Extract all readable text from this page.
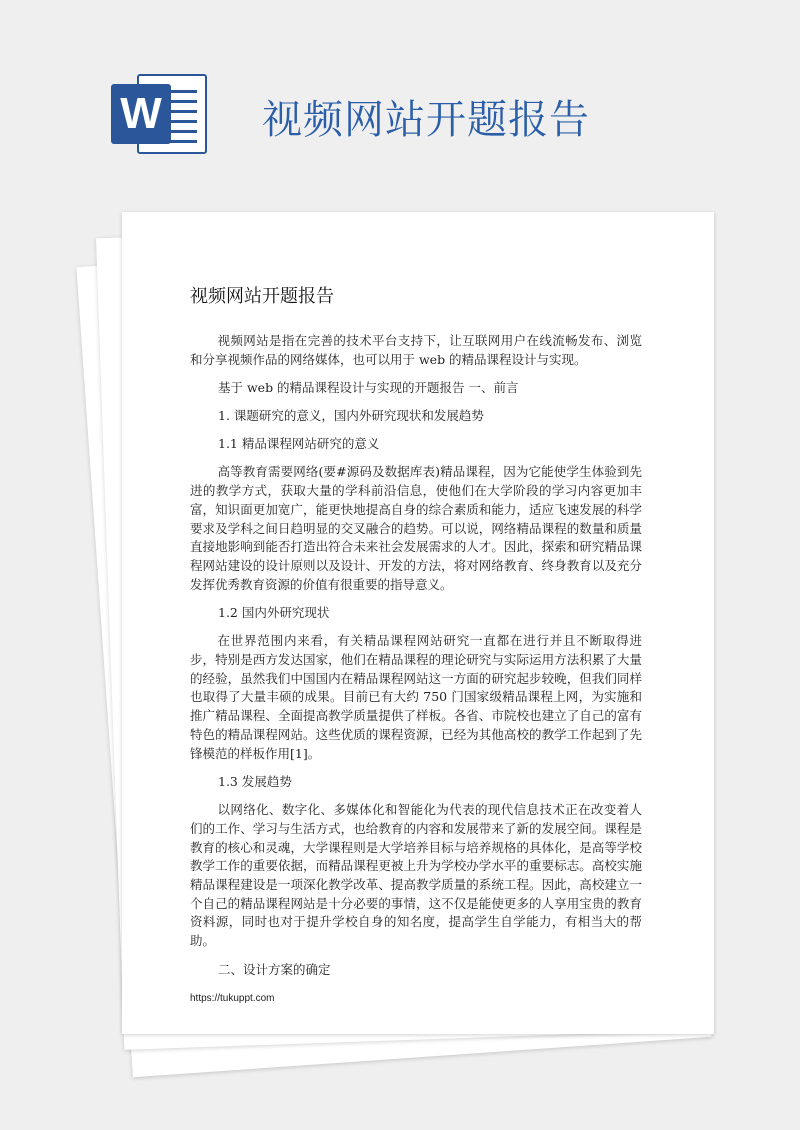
W	视频网站开题报告
视频网站开题报告

视频网站是指在完善的技术平台支持下，让互联网用户在线流畅发布、浏览和分享视频作品的网络媒体，也可以用于 web 的精品课程设计与实现。

基于 web 的精品课程设计与实现的开题报告 一、前言

1. 课题研究的意义，国内外研究现状和发展趋势

1.1 精品课程网站研究的意义

高等教育需要网络(要#源码及数据库表)精品课程，因为它能使学生体验到先进的教学方式，获取大量的学科前沿信息，使他们在大学阶段的学习内容更加丰富，知识面更加宽广，能更快地提高自身的综合素质和能力，适应飞速发展的科学要求及学科之间日趋明显的交叉融合的趋势。可以说，网络精品课程的数量和质量直接地影响到能否打造出符合未来社会发展需求的人才。因此，探索和研究精品课程网站建设的设计原则以及设计、开发的方法，将对网络教育、终身教育以及充分发挥优秀教育资源的价值有很重要的指导意义。

1.2 国内外研究现状

在世界范围内来看，有关精品课程网站研究一直都在进行并且不断取得进步，特别是西方发达国家，他们在精品课程的理论研究与实际运用方法积累了大量的经验，虽然我们中国国内在精品课程网站这一方面的研究起步较晚，但我们同样也取得了大量丰硕的成果。目前已有大约 750 门国家级精品课程上网，为实施和推广精品课程、全面提高教学质量提供了样板。各省、市院校也建立了自己的富有特色的精品课程网站。这些优质的课程资源，已经为其他高校的教学工作起到了先锋模范的样板作用[1]。

1.3 发展趋势

以网络化、数字化、多媒体化和智能化为代表的现代信息技术正在改变着人们的工作、学习与生活方式，也给教育的内容和发展带来了新的发展空间。课程是教育的核心和灵魂，大学课程则是大学培养目标与培养规格的具体化，是高等学校教学工作的重要依据，而精品课程更被上升为学校办学水平的重要标志。高校实施精品课程建设是一项深化教学改革、提高教学质量的系统工程。因此，高校建立一个自己的精品课程网站是十分必要的事情，这不仅是能使更多的人享用宝贵的教育资料源，同时也对于提升学校自身的知名度，提高学生自学能力，有相当大的帮助。

二、设计方案的确定

https://tukuppt.com
